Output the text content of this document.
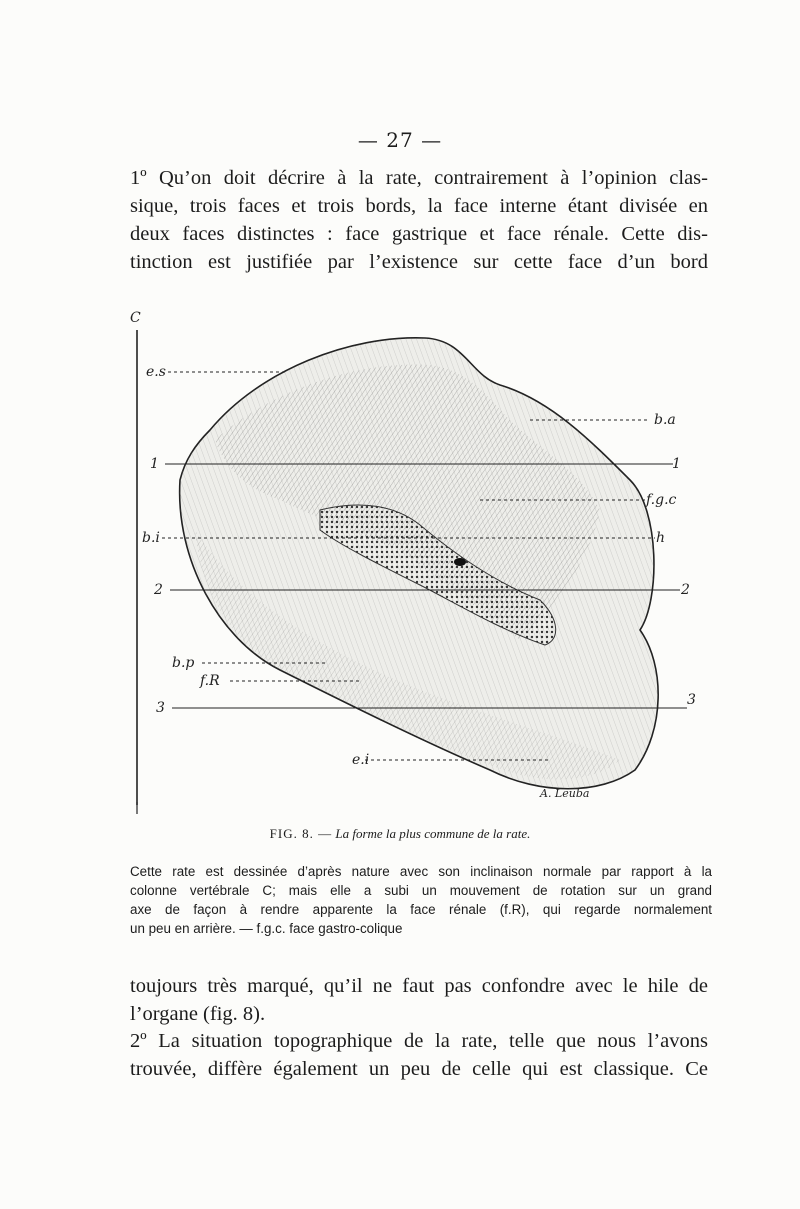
— 27 —
1º Qu’on doit décrire à la rate, contrairement à l’opinion clas-
sique, trois faces et trois bords, la face interne étant divisée en
deux faces distinctes : face gastrique et face rénale. Cette dis-
tinction est justifiée par l’existence sur cette face d’un bord
C
e.s
b.a
1	1
f.g.c
b.i	h
2	2
b.p
f.R
3	3
e.i
A. Leuba
FIG. 8. — La forme la plus commune de la rate.
Cette rate est dessinée d’après nature avec son inclinaison normale par rapport à la
colonne vertébrale C; mais elle a subi un mouvement de rotation sur un grand
axe de façon à rendre apparente la face rénale (f.R), qui regarde normalement
un peu en arrière. — f.g.c. face gastro-colique
toujours très marqué, qu’il ne faut pas confondre avec le hile de
l’organe (fig. 8).
2º La situation topographique de la rate, telle que nous l’avons
trouvée, diffère également un peu de celle qui est classique. Ce
